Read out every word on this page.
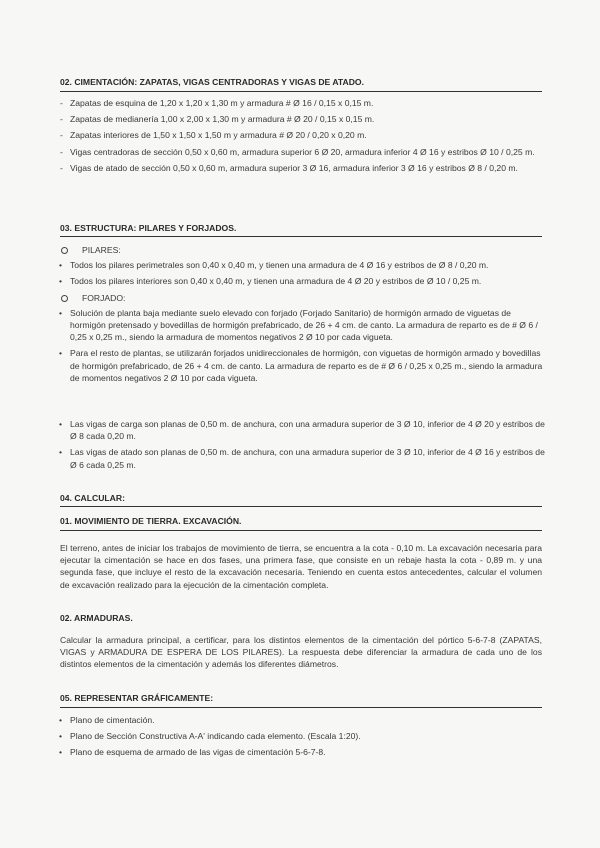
02. CIMENTACIÓN: ZAPATAS, VIGAS CENTRADORAS Y VIGAS DE ATADO.
- Zapatas de esquina de 1,20 x 1,20 x 1,30 m y armadura # Ø 16 / 0,15 x 0,15 m.
- Zapatas de medianería 1,00 x 2,00 x 1,30 m y armadura # Ø 20 / 0,15 x 0,15 m.
- Zapatas interiores de 1,50 x 1,50 x 1,50 m y armadura # Ø 20 / 0,20 x 0,20 m.
- Vigas centradoras de sección 0,50 x 0,60 m, armadura superior 6 Ø 20, armadura inferior 4 Ø 16 y estribos Ø 10 / 0,25 m.
- Vigas de atado de sección 0,50 x 0,60 m, armadura superior 3 Ø 16, armadura inferior 3 Ø 16 y estribos Ø 8 / 0,20 m.
03. ESTRUCTURA: PILARES Y FORJADOS.
PILARES:
• Todos los pilares perimetrales son 0,40 x 0,40 m, y tienen una armadura de 4 Ø 16 y estribos de Ø 8 / 0,20 m.
• Todos los pilares interiores son 0,40 x 0,40 m, y tienen una armadura de 4 Ø 20 y estribos de Ø 10 / 0,25 m.
FORJADO:
• Solución de planta baja mediante suelo elevado con forjado (Forjado Sanitario) de hormigón armado de viguetas de hormigón pretensado y bovedillas de hormigón prefabricado, de 26 + 4 cm. de canto. La armadura de reparto es de # Ø 6 / 0,25 x 0,25 m., siendo la armadura de momentos negativos 2 Ø 10 por cada vigueta.
• Para el resto de plantas, se utilizarán forjados unidireccionales de hormigón, con viguetas de hormigón armado y bovedillas de hormigón prefabricado, de 26 + 4 cm. de canto. La armadura de reparto es de # Ø 6 / 0,25 x 0,25 m., siendo la armadura de momentos negativos 2 Ø 10 por cada vigueta.
• Las vigas de carga son planas de 0,50 m. de anchura, con una armadura superior de 3 Ø 10, inferior de 4 Ø 20 y estribos de Ø 8 cada 0,20 m.
• Las vigas de atado son planas de 0,50 m. de anchura, con una armadura superior de 3 Ø 10, inferior de 4 Ø 16 y estribos de Ø 6 cada 0,25 m.
04. CALCULAR:
01. MOVIMIENTO DE TIERRA. EXCAVACIÓN.

El terreno, antes de iniciar los trabajos de movimiento de tierra, se encuentra a la cota - 0,10 m. La excavación necesaria para ejecutar la cimentación se hace en dos fases, una primera fase, que consiste en un rebaje hasta la cota - 0,89 m. y una segunda fase, que incluye el resto de la excavación necesaria. Teniendo en cuenta estos antecedentes, calcular el volumen de excavación realizado para la ejecución de la cimentación completa.

02. ARMADURAS.

Calcular la armadura principal, a certificar, para los distintos elementos de la cimentación del pórtico 5-6-7-8 (ZAPATAS, VIGAS y ARMADURA DE ESPERA DE LOS PILARES). La respuesta debe diferenciar la armadura de cada uno de los distintos elementos de la cimentación y además los diferentes diámetros.

05. REPRESENTAR GRÁFICAMENTE:
• Plano de cimentación.
• Plano de Sección Constructiva A-A' indicando cada elemento. (Escala 1:20).
• Plano de esquema de armado de las vigas de cimentación 5-6-7-8.
